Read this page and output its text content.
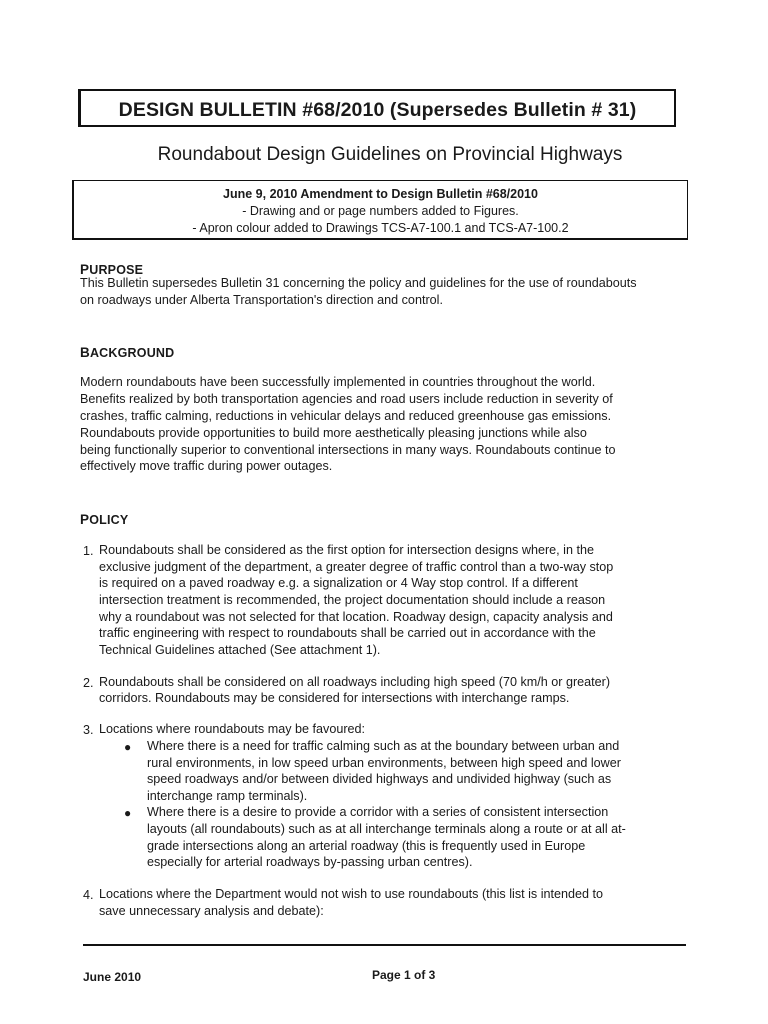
DESIGN BULLETIN #68/2010 (Supersedes Bulletin # 31)
Roundabout Design Guidelines on Provincial Highways
June 9, 2010 Amendment to Design Bulletin #68/2010
- Drawing and or page numbers added to Figures.
- Apron colour added to Drawings TCS-A7-100.1 and TCS-A7-100.2
PURPOSE
This Bulletin supersedes Bulletin 31 concerning the policy and guidelines for the use of roundabouts
on roadways under Alberta Transportation's direction and control.
BACKGROUND
Modern roundabouts have been successfully implemented in countries throughout the world.
Benefits realized by both transportation agencies and road users include reduction in severity of
crashes, traffic calming, reductions in vehicular delays and reduced greenhouse gas emissions.
Roundabouts provide opportunities to build more aesthetically pleasing junctions while also
being functionally superior to conventional intersections in many ways. Roundabouts continue to
effectively move traffic during power outages.
POLICY
1. Roundabouts shall be considered as the first option for intersection designs where, in the
exclusive judgment of the department, a greater degree of traffic control than a two-way stop
is required on a paved roadway e.g. a signalization or 4 Way stop control. If a different
intersection treatment is recommended, the project documentation should include a reason
why a roundabout was not selected for that location. Roadway design, capacity analysis and
traffic engineering with respect to roundabouts shall be carried out in accordance with the
Technical Guidelines attached (See attachment 1).
2. Roundabouts shall be considered on all roadways including high speed (70 km/h or greater)
corridors. Roundabouts may be considered for intersections with interchange ramps.
3. Locations where roundabouts may be favoured:
● Where there is a need for traffic calming such as at the boundary between urban and
rural environments, in low speed urban environments, between high speed and lower
speed roadways and/or between divided highways and undivided highway (such as
interchange ramp terminals).
● Where there is a desire to provide a corridor with a series of consistent intersection
layouts (all roundabouts) such as at all interchange terminals along a route or at all at-
grade intersections along an arterial roadway (this is frequently used in Europe
especially for arterial roadways by-passing urban centres).
4. Locations where the Department would not wish to use roundabouts (this list is intended to
save unnecessary analysis and debate):
June 2010	Page 1 of 3
